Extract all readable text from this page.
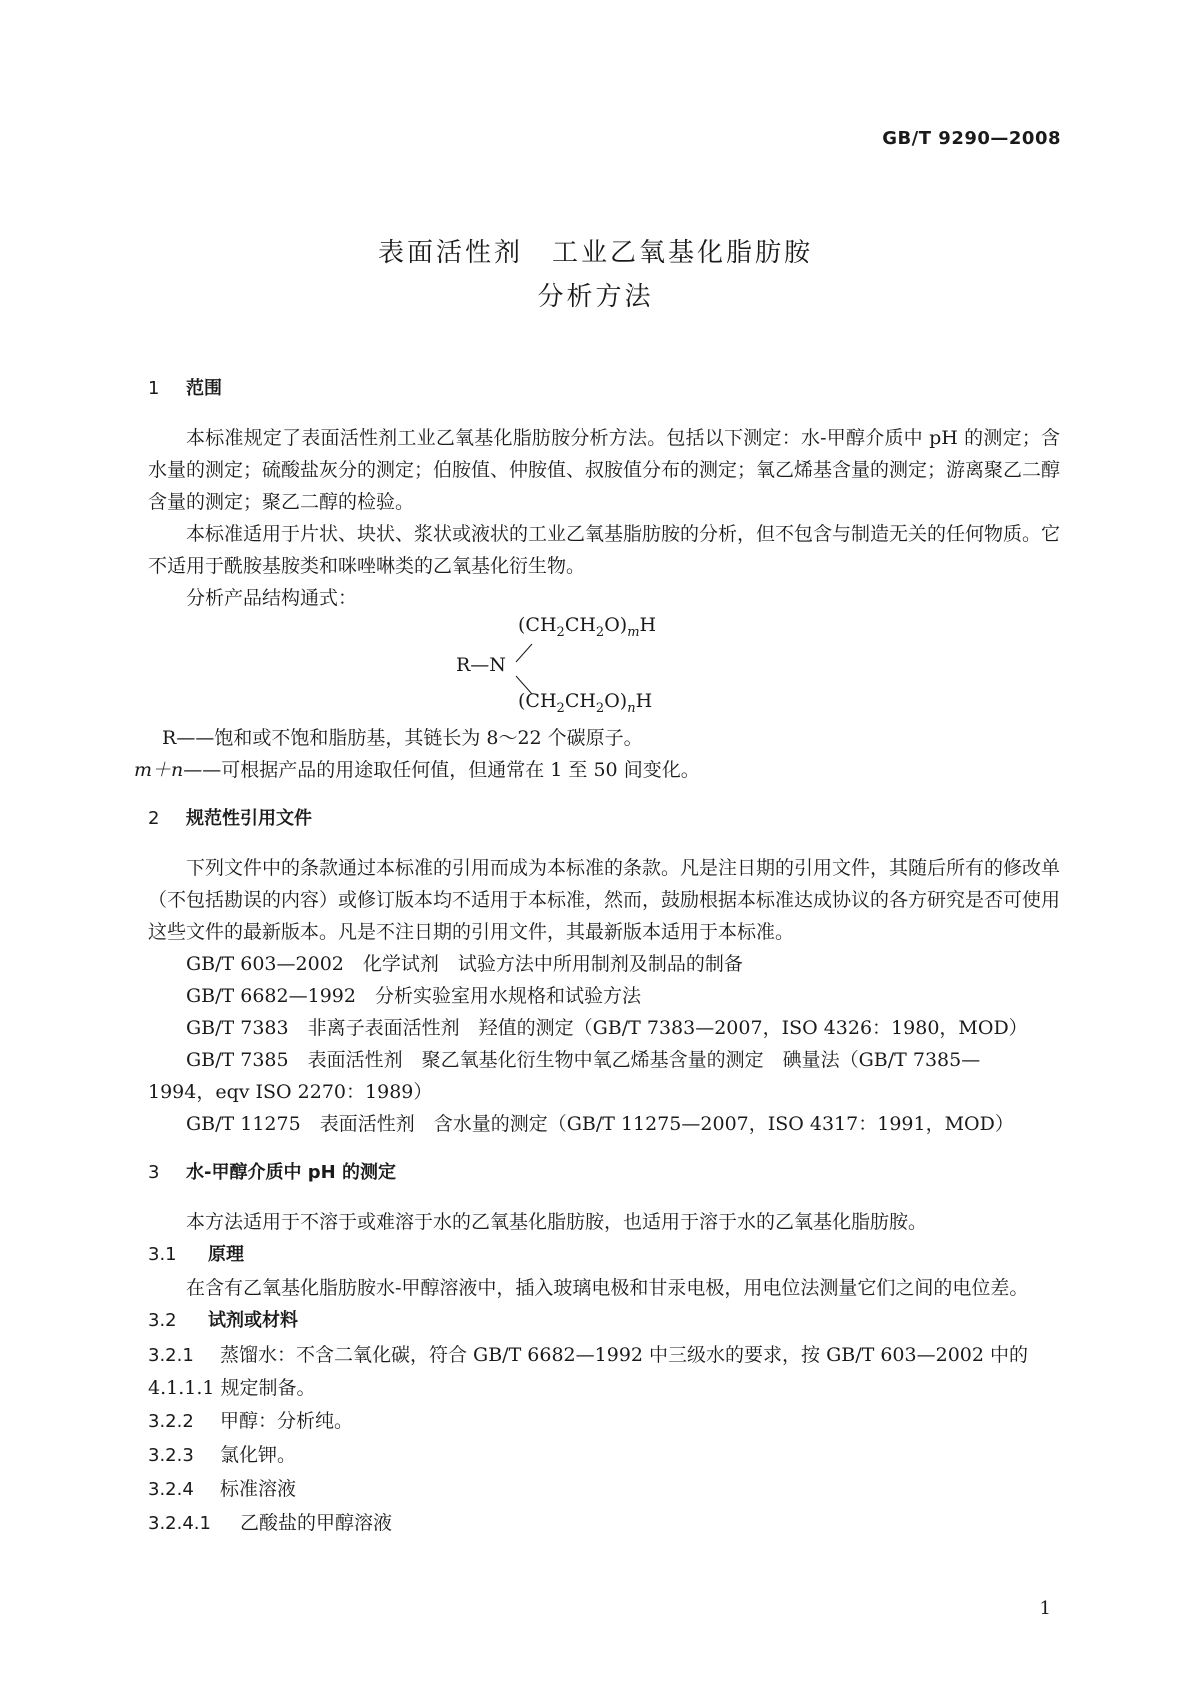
GB/T 9290—2008
表面活性剂　工业乙氧基化脂肪胺
分析方法
1 范围

本标准规定了表面活性剂工业乙氧基化脂肪胺分析方法。包括以下测定：水-甲醇介质中 pH 的测定；含水量的测定；硫酸盐灰分的测定；伯胺值、仲胺值、叔胺值分布的测定；氧乙烯基含量的测定；游离聚乙二醇含量的测定；聚乙二醇的检验。

本标准适用于片状、块状、浆状或液状的工业乙氧基脂肪胺的分析，但不包含与制造无关的任何物质。它不适用于酰胺基胺类和咪唑啉类的乙氧基化衍生物。

分析产品结构通式：

$(CH_2CH_2O)_mH$
R—N
$(CH_2CH_2O)_nH$

R——饱和或不饱和脂肪基，其链长为 8～22 个碳原子。

m＋n——可根据产品的用途取任何值，但通常在 1 至 50 间变化。

2 规范性引用文件

下列文件中的条款通过本标准的引用而成为本标准的条款。凡是注日期的引用文件，其随后所有的修改单（不包括勘误的内容）或修订版本均不适用于本标准，然而，鼓励根据本标准达成协议的各方研究是否可使用这些文件的最新版本。凡是不注日期的引用文件，其最新版本适用于本标准。

GB/T 603—2002　化学试剂　试验方法中所用制剂及制品的制备

GB/T 6682—1992　分析实验室用水规格和试验方法

GB/T 7383　非离子表面活性剂　羟值的测定（GB/T 7383—2007，ISO 4326：1980，MOD）

GB/T 7385　表面活性剂　聚乙氧基化衍生物中氧乙烯基含量的测定　碘量法（GB/T 7385—

1994，eqv ISO 2270：1989）

GB/T 11275　表面活性剂　含水量的测定（GB/T 11275—2007，ISO 4317：1991，MOD）

3 水-甲醇介质中 pH 的测定

本方法适用于不溶于或难溶于水的乙氧基化脂肪胺，也适用于溶于水的乙氧基化脂肪胺。

3.1 原理

在含有乙氧基化脂肪胺水-甲醇溶液中，插入玻璃电极和甘汞电极，用电位法测量它们之间的电位差。

3.2 试剂或材料
3.2.1 蒸馏水：不含二氧化碳，符合 GB/T 6682—1992 中三级水的要求，按 GB/T 603—2002 中的

4.1.1.1 规定制备。

3.2.2 甲醇：分析纯。
3.2.3 氯化钾。
3.2.4 标准溶液
3.2.4.1 乙酸盐的甲醇溶液
1
